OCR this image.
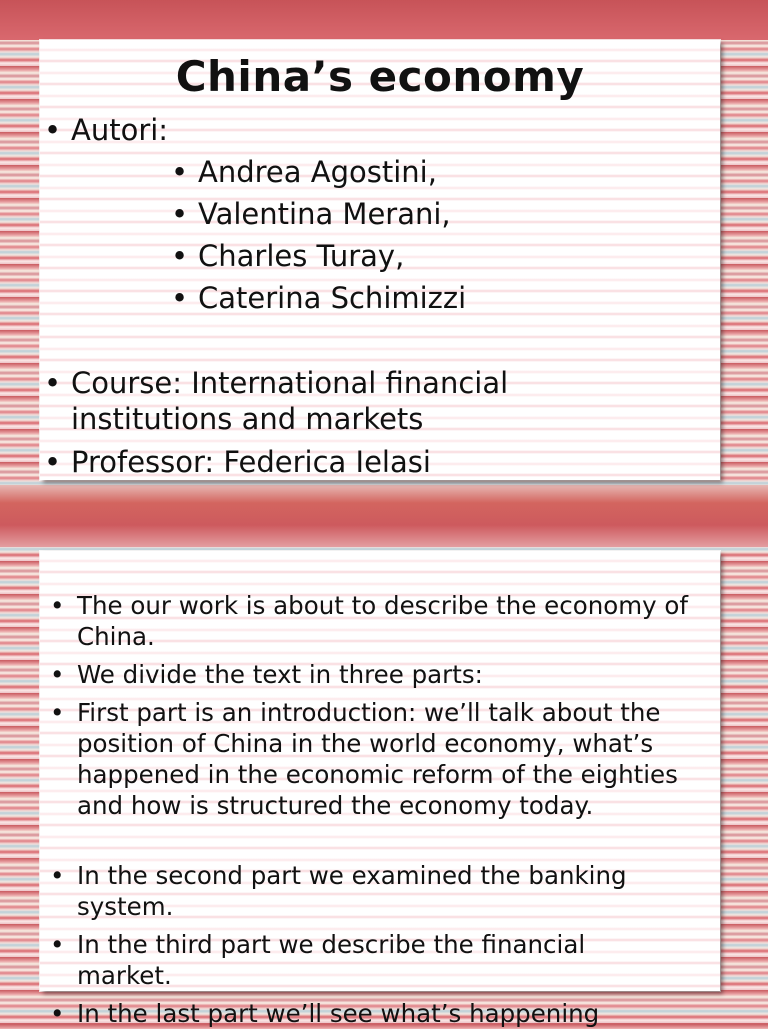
China’s economy
• Autori:
• Andrea Agostini,
• Valentina Merani,
• Charles Turay,
• Caterina Schimizzi
• Course: International financial institutions and markets
• Professor: Federica Ielasi
• The our work is about to describe the economy of China.
• We divide the text in three parts:
• First part is an introduction: we’ll talk about the position of China in the world economy, what’s happened in the economic reform of the eighties and how is structured the economy today.
• In the second part we examined the banking system.
• In the third part we describe the financial market.
• In the last part we’ll see what’s happening
